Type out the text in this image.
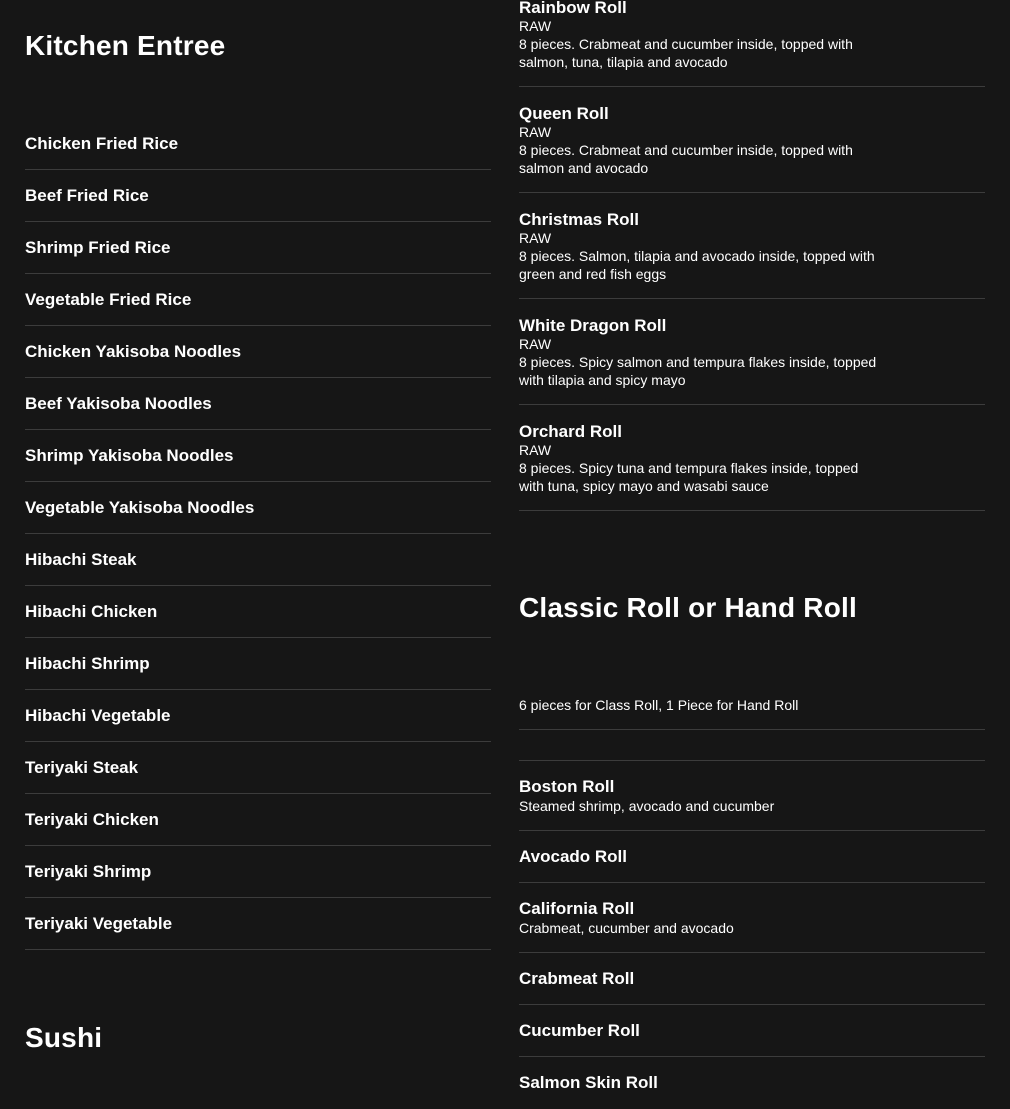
Kitchen Entree
Chicken Fried Rice
Beef Fried Rice
Shrimp Fried Rice
Vegetable Fried Rice
Chicken Yakisoba Noodles
Beef Yakisoba Noodles
Shrimp Yakisoba Noodles
Vegetable Yakisoba Noodles
Hibachi Steak
Hibachi Chicken
Hibachi Shrimp
Hibachi Vegetable
Teriyaki Steak
Teriyaki Chicken
Teriyaki Shrimp
Teriyaki Vegetable
Sushi
Rainbow Roll
RAW
8 pieces. Crabmeat and cucumber inside, topped with salmon, tuna, tilapia and avocado
Queen Roll
RAW
8 pieces. Crabmeat and cucumber inside, topped with salmon and avocado
Christmas Roll
RAW
8 pieces. Salmon, tilapia and avocado inside, topped with green and red fish eggs
White Dragon Roll
RAW
8 pieces. Spicy salmon and tempura flakes inside, topped with tilapia and spicy mayo
Orchard Roll
RAW
8 pieces. Spicy tuna and tempura flakes inside, topped with tuna, spicy mayo and wasabi sauce
Classic Roll or Hand Roll
6 pieces for Class Roll, 1 Piece for Hand Roll
Boston Roll
Steamed shrimp, avocado and cucumber
Avocado Roll
California Roll
Crabmeat, cucumber and avocado
Crabmeat Roll
Cucumber Roll
Salmon Skin Roll
